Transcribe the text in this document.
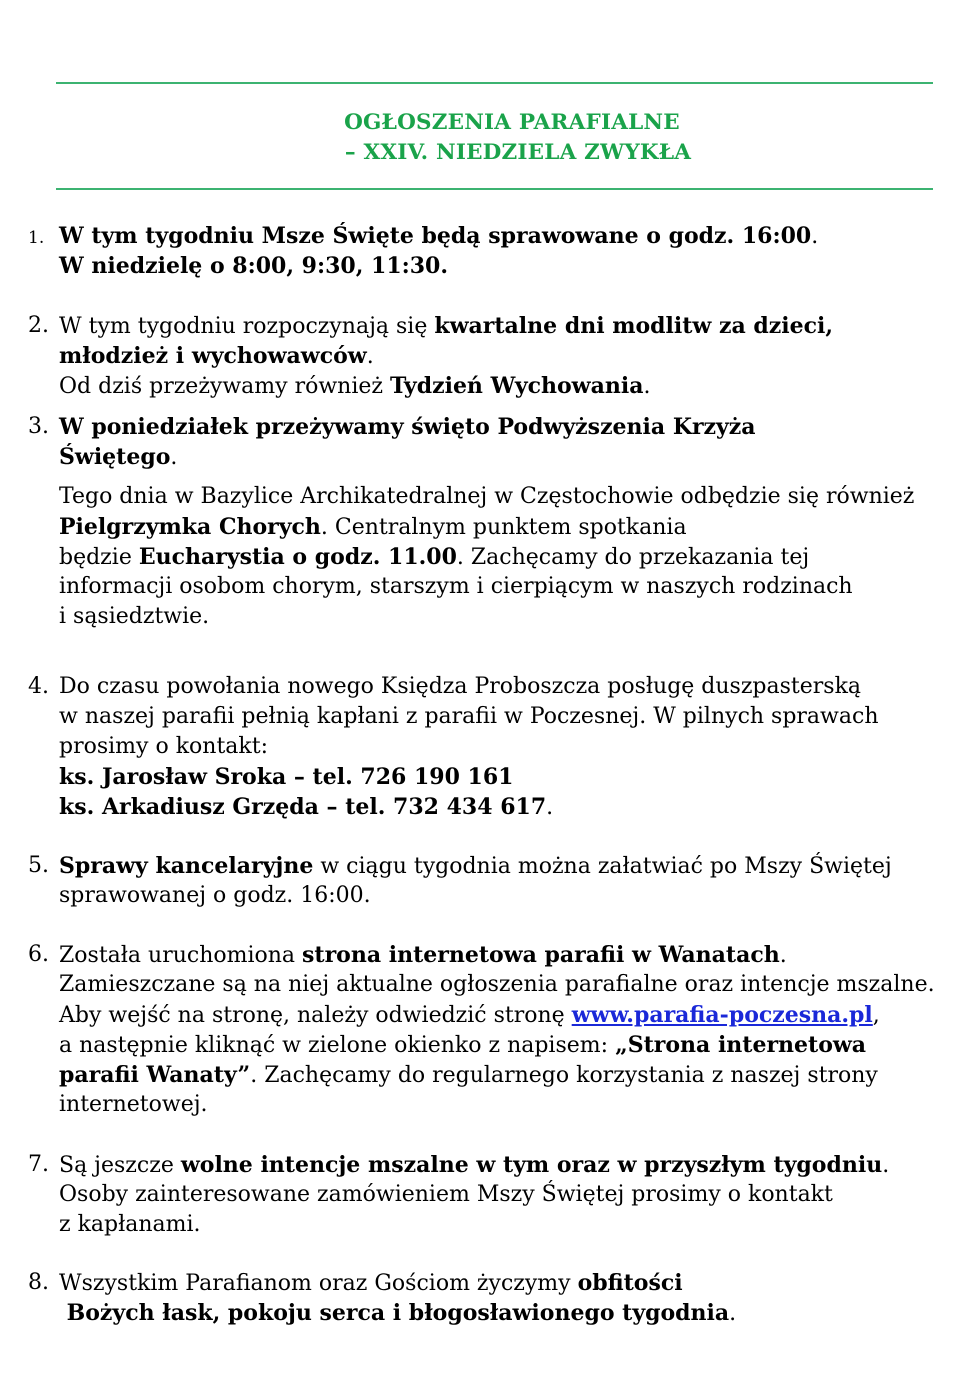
OGŁOSZENIA PARAFIALNE
– XXIV. NIEDZIELA ZWYKŁA
1. W tym tygodniu Msze Święte będą sprawowane o godz. 16:00.
W niedzielę o 8:00, 9:30, 11:30.
2. W tym tygodniu rozpoczynają się kwartalne dni modlitw za dzieci,
młodzież i wychowawców.
Od dziś przeżywamy również Tydzień Wychowania.
3. W poniedziałek przeżywamy święto Podwyższenia Krzyża
Świętego.
Tego dnia w Bazylice Archikatedralnej w Częstochowie odbędzie się również
Pielgrzymka Chorych. Centralnym punktem spotkania
będzie Eucharystia o godz. 11.00. Zachęcamy do przekazania tej
informacji osobom chorym, starszym i cierpiącym w naszych rodzinach
i sąsiedztwie.
4. Do czasu powołania nowego Księdza Proboszcza posługę duszpasterską
w naszej parafii pełnią kapłani z parafii w Poczesnej. W pilnych sprawach
prosimy o kontakt:
ks. Jarosław Sroka – tel. 726 190 161
ks. Arkadiusz Grzęda – tel. 732 434 617.
5. Sprawy kancelaryjne w ciągu tygodnia można załatwiać po Mszy Świętej
sprawowanej o godz. 16:00.
6. Została uruchomiona strona internetowa parafii w Wanatach.
Zamieszczane są na niej aktualne ogłoszenia parafialne oraz intencje mszalne.
Aby wejść na stronę, należy odwiedzić stronę www.parafia-poczesna.pl,
a następnie kliknąć w zielone okienko z napisem: „Strona internetowa
parafii Wanaty”. Zachęcamy do regularnego korzystania z naszej strony
internetowej.
7. Są jeszcze wolne intencje mszalne w tym oraz w przyszłym tygodniu.
Osoby zainteresowane zamówieniem Mszy Świętej prosimy o kontakt
z kapłanami.
8. Wszystkim Parafianom oraz Gościom życzymy obfitości
Bożych łask, pokoju serca i błogosławionego tygodnia.
